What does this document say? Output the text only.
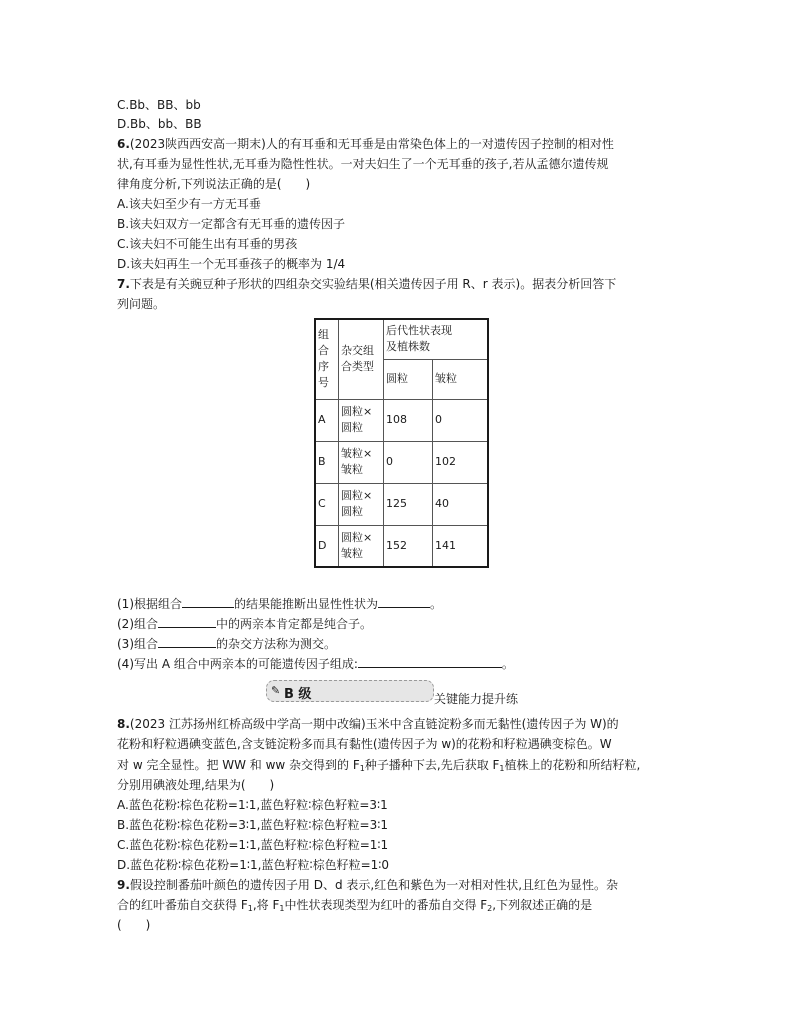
C.Bb、BB、bb
D.Bb、bb、BB
6.(2023陕西西安高一期末)人的有耳垂和无耳垂是由常染色体上的一对遗传因子控制的相对性
状,有耳垂为显性性状,无耳垂为隐性性状。一对夫妇生了一个无耳垂的孩子,若从孟德尔遗传规
律角度分析,下列说法正确的是(　　)
A.该夫妇至少有一方无耳垂
B.该夫妇双方一定都含有无耳垂的遗传因子
C.该夫妇不可能生出有耳垂的男孩
D.该夫妇再生一个无耳垂孩子的概率为 1/4
7.下表是有关豌豆种子形状的四组杂交实验结果(相关遗传因子用 R、r 表示)。据表分析回答下
列问题。
组
合
序
号	杂交组
合类型	后代性状表现
及植株数	
		圆粒	皱粒
A	圆粒×
圆粒	108	0
B	皱粒×
皱粒	0	102
C	圆粒×
圆粒	125	40
D	圆粒×
皱粒	152	141
(1)根据组合	的结果能推断出显性性状为	。
(2)组合	中的两亲本肯定都是纯合子。
(3)组合	的杂交方法称为测交。
(4)写出 A 组合中两亲本的可能遗传因子组成:	。
✎ B 级	关键能力提升练
8.(2023 江苏扬州红桥高级中学高一期中改编)玉米中含直链淀粉多而无黏性(遗传因子为 W)的
花粉和籽粒遇碘变蓝色,含支链淀粉多而具有黏性(遗传因子为 w)的花粉和籽粒遇碘变棕色。W
对 w 完全显性。把 WW 和 ww 杂交得到的 $F_1$种子播种下去,先后获取 $F_1$植株上的花粉和所结籽粒,
分别用碘液处理,结果为(　　)
A.蓝色花粉∶棕色花粉=1∶1,蓝色籽粒∶棕色籽粒=3∶1
B.蓝色花粉∶棕色花粉=3∶1,蓝色籽粒∶棕色籽粒=3∶1
C.蓝色花粉∶棕色花粉=1∶1,蓝色籽粒∶棕色籽粒=1∶1
D.蓝色花粉∶棕色花粉=1∶1,蓝色籽粒∶棕色籽粒=1∶0
9.假设控制番茄叶颜色的遗传因子用 D、d 表示,红色和紫色为一对相对性状,且红色为显性。杂
合的红叶番茄自交获得 $F_1$,将 $F_1$中性状表现类型为红叶的番茄自交得 $F_2$,下列叙述正确的是
(　　)
